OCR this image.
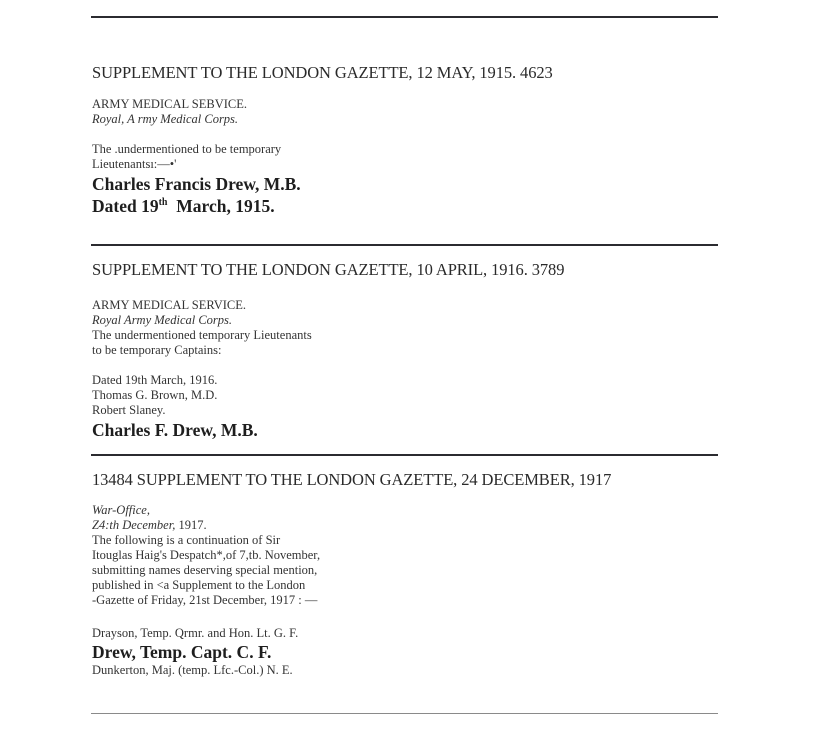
SUPPLEMENT TO THE LONDON GAZETTE, 12 MAY, 1915. 4623
ARMY MEDICAL SEBVICE.
Royal, A rmy Medical Corps.
The .undermentioned to be temporary
Lieutenantsı:—•'
Charles Francis Drew, M.B.
Dated 19th  March, 1915.
SUPPLEMENT TO THE LONDON GAZETTE, 10 APRIL, 1916. 3789
ARMY MEDICAL SERVICE.
Royal Army Medical Corps.
The undermentioned temporary Lieutenants
to be temporary Captains:
Dated 19th March, 1916.
Thomas G. Brown, M.D.
Robert Slaney.
Charles F. Drew, M.B.
13484 SUPPLEMENT TO THE LONDON GAZETTE, 24 DECEMBER, 1917
War-Office,
Z4:th December, 1917.
The following is a continuation of Sir
Itouglas Haig's Despatch*,of 7,tb. November,
submitting names deserving special mention,
published in <a Supplement to the London
-Gazette of Friday, 21st December, 1917 : —
Drayson, Temp. Qrmr. and Hon. Lt. G. F.
Drew, Temp. Capt. C. F.
Dunkerton, Maj. (temp. Lfc.-Col.) N. E.
